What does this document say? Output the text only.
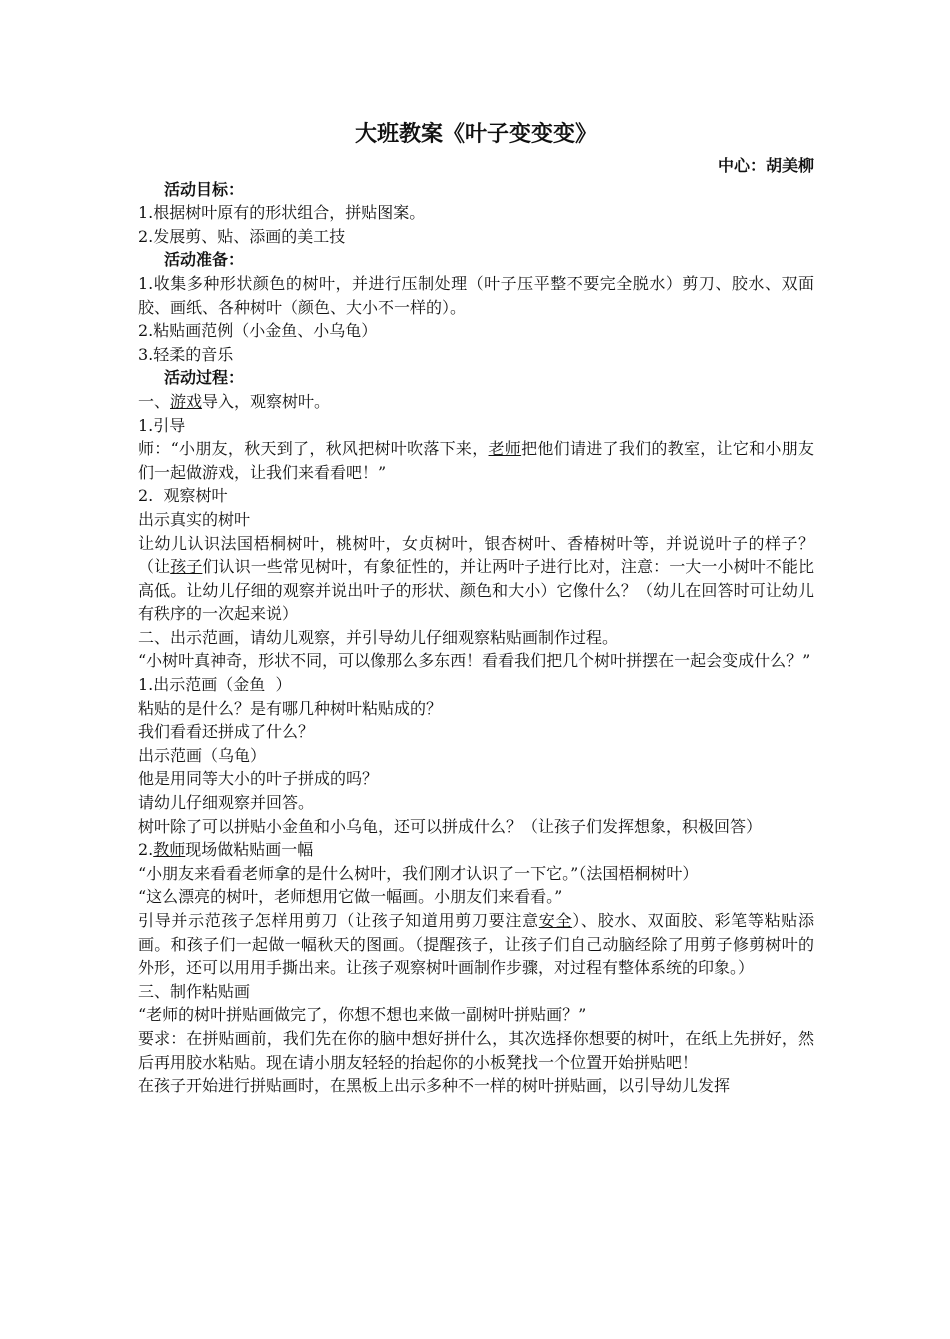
大班教案《叶子变变变》
中心：胡美柳
活动目标：

1.根据树叶原有的形状组合，拼贴图案。

2.发展剪、贴、添画的美工技

活动准备：

1.收集多种形状颜色的树叶，并进行压制处理（叶子压平整不要完全脱水）剪刀、胶水、双面胶、画纸、各种树叶（颜色、大小不一样的）。

2.粘贴画范例（小金鱼、小乌龟）

3.轻柔的音乐

活动过程：

一、游戏导入，观察树叶。

1.引导

师：“小朋友，秋天到了，秋风把树叶吹落下来，老师把他们请进了我们的教室，让它和小朋友们一起做游戏，让我们来看看吧！”

2.  观察树叶

出示真实的树叶

让幼儿认识法国梧桐树叶，桃树叶，女贞树叶，银杏树叶、香椿树叶等，并说说叶子的样子？（让孩子们认识一些常见树叶，有象征性的，并让两叶子进行比对，注意：一大一小树叶不能比高低。让幼儿仔细的观察并说出叶子的形状、颜色和大小）它像什么？（幼儿在回答时可让幼儿有秩序的一次起来说）

二、出示范画，请幼儿观察，并引导幼儿仔细观察粘贴画制作过程。

“小树叶真神奇，形状不同，可以像那么多东西！看看我们把几个树叶拼摆在一起会变成什么？”

1.出示范画（金鱼  ）

粘贴的是什么？是有哪几种树叶粘贴成的？

我们看看还拼成了什么？

出示范画（乌龟）

他是用同等大小的叶子拼成的吗？

请幼儿仔细观察并回答。

树叶除了可以拼贴小金鱼和小乌龟，还可以拼成什么？（让孩子们发挥想象，积极回答）

2.教师现场做粘贴画一幅

“小朋友来看看老师拿的是什么树叶，我们刚才认识了一下它。”（法国梧桐树叶）

“这么漂亮的树叶，老师想用它做一幅画。小朋友们来看看。”

引导并示范孩子怎样用剪刀（让孩子知道用剪刀要注意安全）、胶水、双面胶、彩笔等粘贴添画。和孩子们一起做一幅秋天的图画。（提醒孩子，让孩子们自己动脑经除了用剪子修剪树叶的外形，还可以用用手撕出来。让孩子观察树叶画制作步骤，对过程有整体系统的印象。）

三、制作粘贴画

“老师的树叶拼贴画做完了，你想不想也来做一副树叶拼贴画？”

要求：在拼贴画前，我们先在你的脑中想好拼什么，其次选择你想要的树叶，在纸上先拼好，然后再用胶水粘贴。现在请小朋友轻轻的抬起你的小板凳找一个位置开始拼贴吧！

在孩子开始进行拼贴画时，在黑板上出示多种不一样的树叶拼贴画，以引导幼儿发挥
